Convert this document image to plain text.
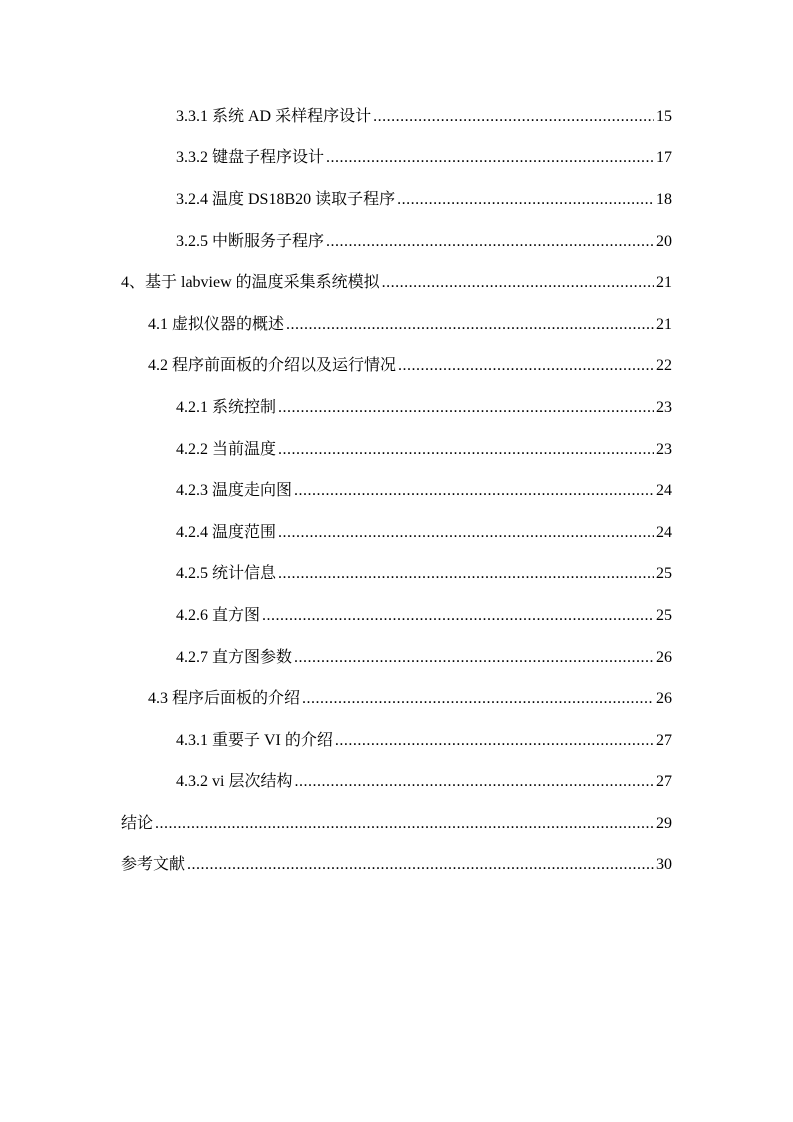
3.3.1 系统 AD 采样程序设计 .....	15
3.3.2 键盘子程序设计 .....	17
3.2.4 温度 DS18B20 读取子程序 .....	18
3.2.5 中断服务子程序 .....	20
4、基于 labview 的温度采集系统模拟 .....	21
4.1 虚拟仪器的概述 .....	21
4.2 程序前面板的介绍以及运行情况 .....	22
4.2.1 系统控制 .....	23
4.2.2 当前温度 .....	23
4.2.3 温度走向图 .....	24
4.2.4 温度范围 .....	24
4.2.5 统计信息 .....	25
4.2.6 直方图 .....	25
4.2.7 直方图参数 .....	26
4.3 程序后面板的介绍 .....	26
4.3.1 重要子 VI 的介绍 .....	27
4.3.2 vi 层次结构 .....	27
结论 .....	29
参考文献 .....	30
